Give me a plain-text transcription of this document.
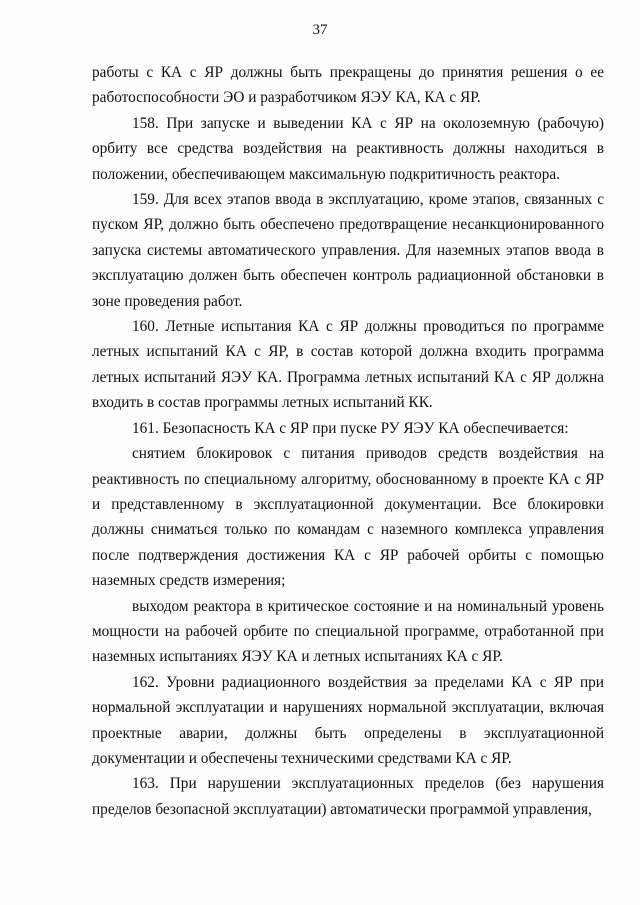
37

работы с КА с ЯР должны быть прекращены до принятия решения о ее работоспособности ЭО и разработчиком ЯЭУ КА, КА с ЯР.

158. При запуске и выведении КА с ЯР на околоземную (рабочую) орбиту все средства воздействия на реактивность должны находиться в положении, обеспечивающем максимальную подкритичность реактора.

159. Для всех этапов ввода в эксплуатацию, кроме этапов, связанных с пуском ЯР, должно быть обеспечено предотвращение несанкционированного запуска системы автоматического управления. Для наземных этапов ввода в эксплуатацию должен быть обеспечен контроль радиационной обстановки в зоне проведения работ.

160. Летные испытания КА с ЯР должны проводиться по программе летных испытаний КА с ЯР, в состав которой должна входить программа летных испытаний ЯЭУ КА. Программа летных испытаний КА с ЯР должна входить в состав программы летных испытаний КК.

161. Безопасность КА с ЯР при пуске РУ ЯЭУ КА обеспечивается:

снятием блокировок с питания приводов средств воздействия на реактивность по специальному алгоритму, обоснованному в проекте КА с ЯР и представленному в эксплуатационной документации. Все блокировки должны сниматься только по командам с наземного комплекса управления после подтверждения достижения КА с ЯР рабочей орбиты с помощью наземных средств измерения;

выходом реактора в критическое состояние и на номинальный уровень мощности на рабочей орбите по специальной программе, отработанной при наземных испытаниях ЯЭУ КА и летных испытаниях КА с ЯР.

162. Уровни радиационного воздействия за пределами КА с ЯР при нормальной эксплуатации и нарушениях нормальной эксплуатации, включая проектные аварии, должны быть определены в эксплуатационной документации и обеспечены техническими средствами КА с ЯР.

163. При нарушении эксплуатационных пределов (без нарушения пределов безопасной эксплуатации) автоматически программой управления,
